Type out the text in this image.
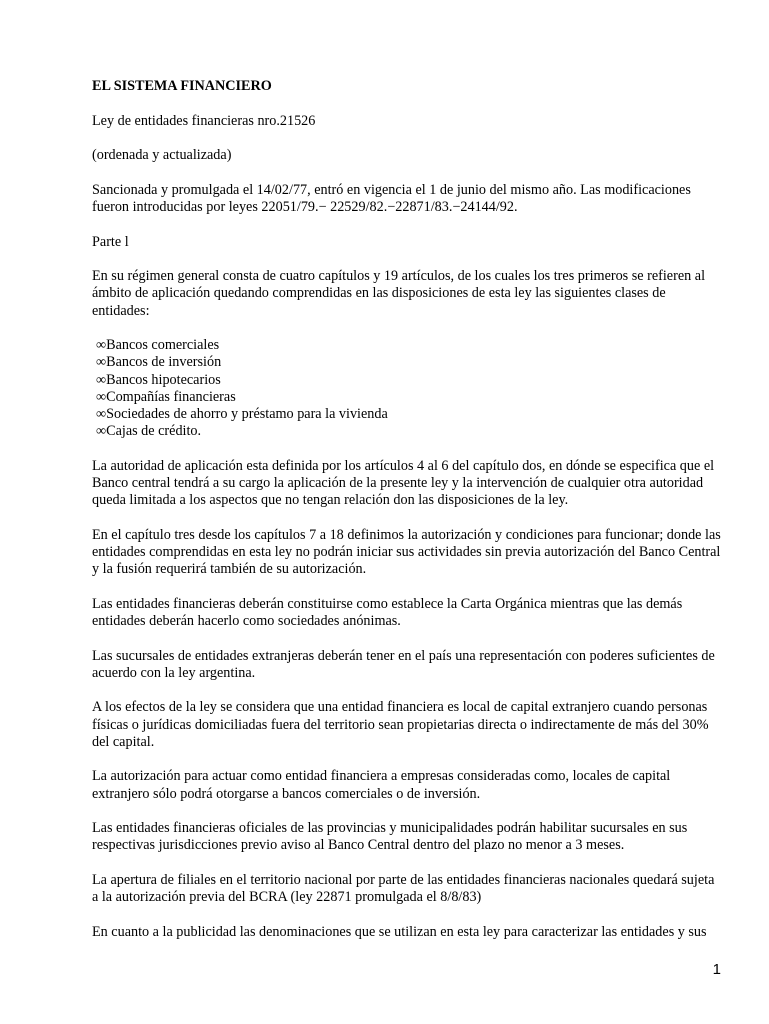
EL SISTEMA FINANCIERO

Ley de entidades financieras nro.21526

(ordenada y actualizada)

Sancionada y promulgada el 14/02/77, entró en vigencia el 1 de junio del mismo año. Las modificaciones fueron introducidas por leyes 22051/79.− 22529/82.−22871/83.−24144/92.

Parte l

En su régimen general consta de cuatro capítulos y 19 artículos, de los cuales los tres primeros se refieren al ámbito de aplicación quedando comprendidas en las disposiciones de esta ley las siguientes clases de entidades:

∞Bancos comerciales
∞Bancos de inversión
∞Bancos hipotecarios
∞Compañías financieras
∞Sociedades de ahorro y préstamo para la vivienda
∞Cajas de crédito.

La autoridad de aplicación esta definida por los artículos 4 al 6 del capítulo dos, en dónde se especifica que el Banco central tendrá a su cargo la aplicación de la presente ley y la intervención de cualquier otra autoridad queda limitada a los aspectos que no tengan relación don las disposiciones de la ley.

En el capítulo tres desde los capítulos 7 a 18 definimos la autorización y condiciones para funcionar; donde las entidades comprendidas en esta ley no podrán iniciar sus actividades sin previa autorización del Banco Central y la fusión requerirá también de su autorización.

Las entidades financieras deberán constituirse como establece la Carta Orgánica mientras que las demás entidades deberán hacerlo como sociedades anónimas.

Las sucursales de entidades extranjeras deberán tener en el país una representación con poderes suficientes de acuerdo con la ley argentina.

A los efectos de la ley se considera que una entidad financiera es local de capital extranjero cuando personas físicas o jurídicas domiciliadas fuera del territorio sean propietarias directa o indirectamente de más del 30% del capital.

La autorización para actuar como entidad financiera a empresas consideradas como, locales de capital extranjero sólo podrá otorgarse a bancos comerciales o de inversión.

Las entidades financieras oficiales de las provincias y municipalidades podrán habilitar sucursales en sus respectivas jurisdicciones previo aviso al Banco Central dentro del plazo no menor a 3 meses.

La apertura de filiales en el territorio nacional por parte de las entidades financieras nacionales quedará sujeta a la autorización previa del BCRA (ley 22871 promulgada el 8/8/83)

En cuanto a la publicidad las denominaciones que se utilizan en esta ley para caracterizar las entidades y sus

1
